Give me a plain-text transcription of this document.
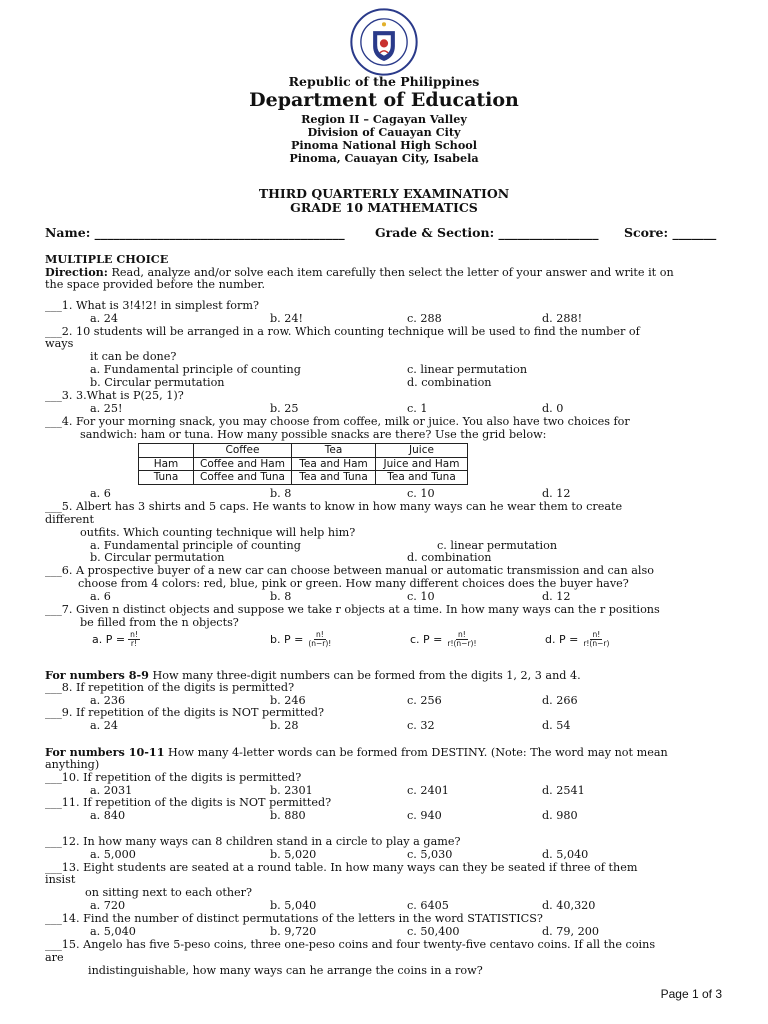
Republic of the Philippines
Department of Education
Region II – Cagayan Valley
Division of Cauayan City
Pinoma National High School
Pinoma, Cauayan City, Isabela
THIRD QUARTERLY EXAMINATION
GRADE 10 MATHEMATICS
Name: ________________________________________ Grade & Section: ________________ Score: _______
MULTIPLE CHOICE
Direction: Read, analyze and/or solve each item carefully then select the letter of your answer and write it on
the space provided before the number.
___1. What is 3!4!2! in simplest form?
a. 24	b. 24!	c. 288	d. 288!
___2. 10 students will be arranged in a row. Which counting technique will be used to find the number of
ways
it can be done?
a. Fundamental principle of counting	c. linear permutation
b. Circular permutation	d. combination
___3. 3.What is P(25, 1)?
a. 25!	b. 25	c. 1	d. 0
___4. For your morning snack, you may choose from coffee, milk or juice. You also have two choices for
sandwich: ham or tuna. How many possible snacks are there? Use the grid below:
	Coffee	Tea	Juice
Ham	Coffee and Ham	Tea and Ham	Juice and Ham
Tuna	Coffee and Tuna	Tea and Tuna	Tea and Tuna
a. 6	b. 8	c. 10	d. 12
___5. Albert has 3 shirts and 5 caps. He wants to know in how many ways can he wear them to create
different
outfits. Which counting technique will help him?
a. Fundamental principle of counting	c. linear permutation
b. Circular permutation	d. combination
___6. A prospective buyer of a new car can choose between manual or automatic transmission and can also
choose from 4 colors: red, blue, pink or green. How many different choices does the buyer have?
a. 6	b. 8	c. 10	d. 12
___7. Given n distinct objects and suppose we take r objects at a time. In how many ways can the r positions
be filled from the n objects?
a. $P = \frac{n!}{r!}$	b. $P = \frac{n!}{(n-r)!}$	c. $P = \frac{n!}{r!(n-r)!}$	d. $P = \frac{n!}{r!(n-r)}$
For numbers 8-9 How many three-digit numbers can be formed from the digits 1, 2, 3 and 4.
___8. If repetition of the digits is permitted?
a. 236	b. 246	c. 256	d. 266
___9. If repetition of the digits is NOT permitted?
a. 24	b. 28	c. 32	d. 54
For numbers 10-11 How many 4-letter words can be formed from DESTINY. (Note: The word may not mean
anything)
___10. If repetition of the digits is permitted?
a. 2031	b. 2301	c. 2401	d. 2541
___11. If repetition of the digits is NOT permitted?
a. 840	b. 880	c. 940	d. 980
___12. In how many ways can 8 children stand in a circle to play a game?
a. 5,000	b. 5,020	c. 5,030	d. 5,040
___13. Eight students are seated at a round table. In how many ways can they be seated if three of them
insist
on sitting next to each other?
a. 720	b. 5,040	c. 6405	d. 40,320
___14. Find the number of distinct permutations of the letters in the word STATISTICS?
a. 5,040	b. 9,720	c. 50,400	d. 79, 200
___15. Angelo has five 5-peso coins, three one-peso coins and four twenty-five centavo coins. If all the coins
are
indistinguishable, how many ways can he arrange the coins in a row?
Page 1 of 3
